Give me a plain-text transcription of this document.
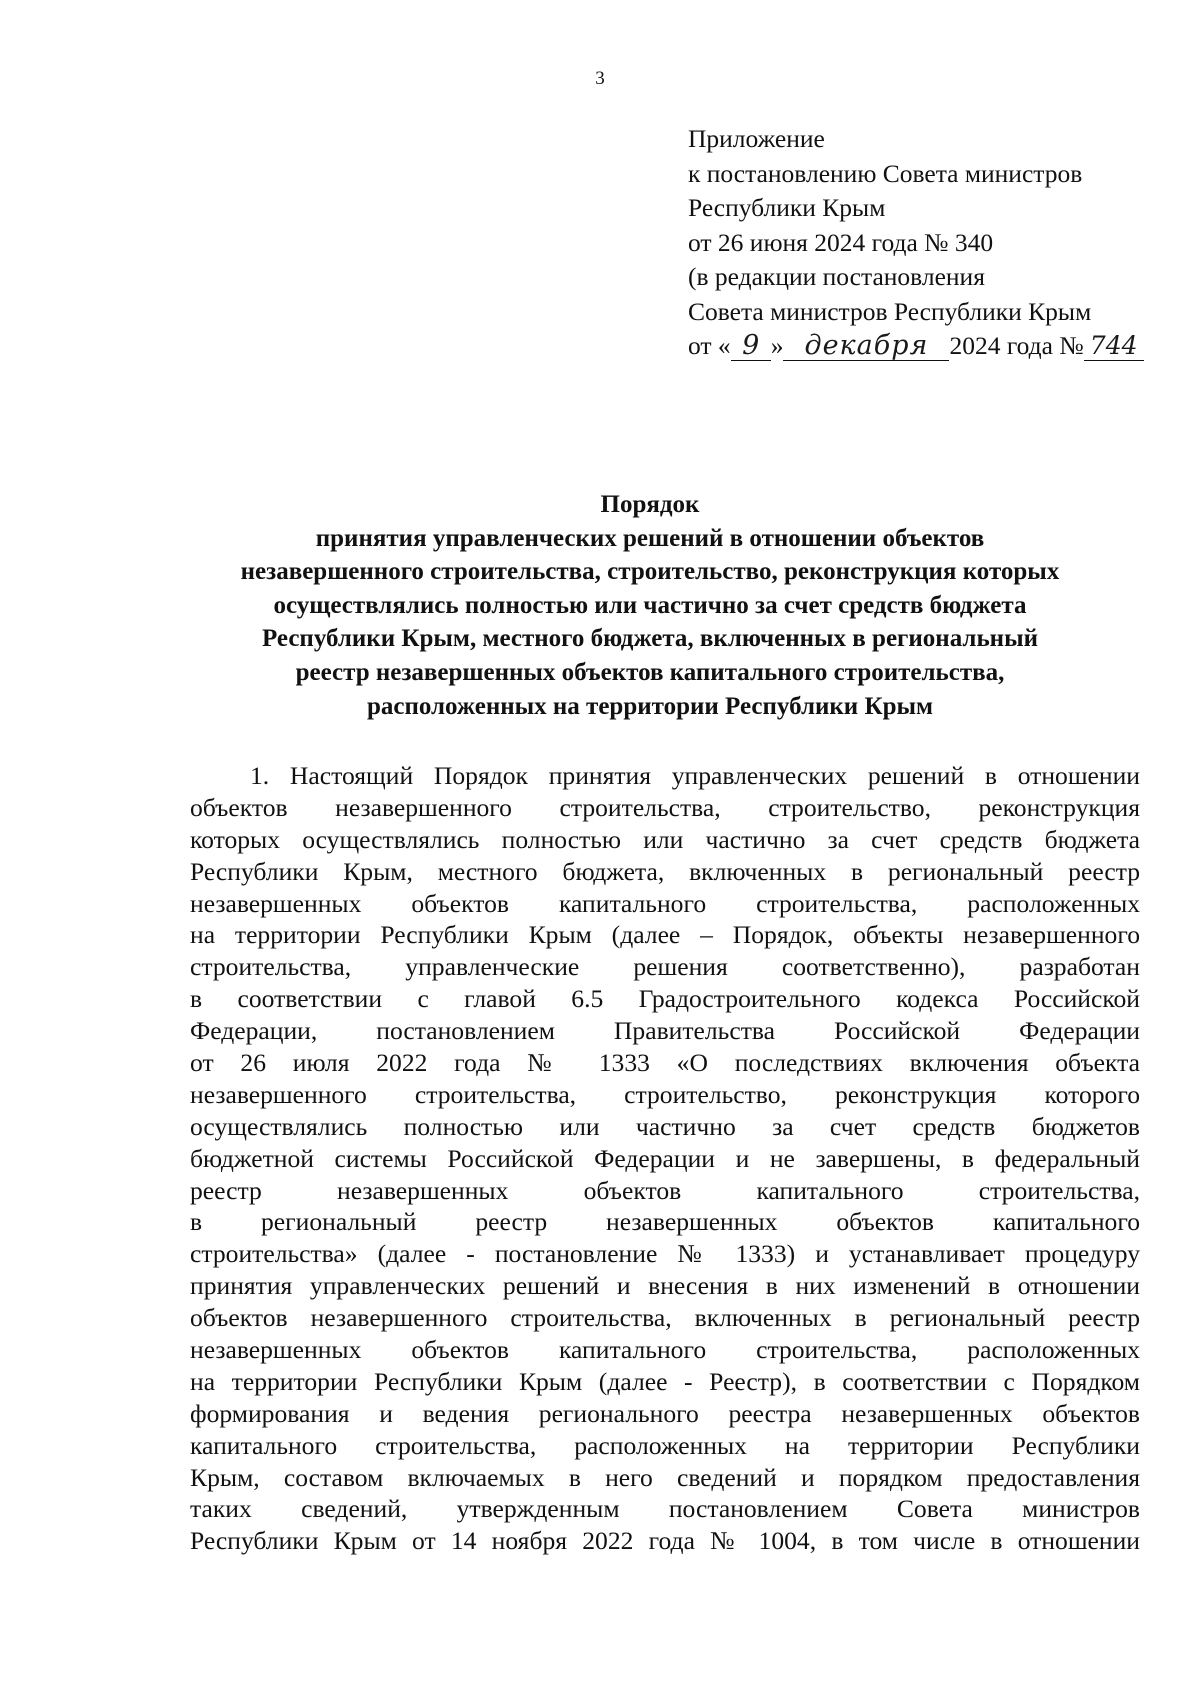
3
Приложение
к постановлению Совета министров
Республики Крым
от 26 июня 2024 года № 340
(в редакции постановления
Совета министров Республики Крым
от « 9 » декабря 2024 года № 744
Порядок
принятия управленческих решений в отношении объектов
незавершенного строительства, строительство, реконструкция которых
осуществлялись полностью или частично за счет средств бюджета
Республики Крым, местного бюджета, включенных в региональный
реестр незавершенных объектов капитального строительства,
расположенных на территории Республики Крым
1. Настоящий Порядок принятия управленческих решений в отношении
объектов незавершенного строительства, строительство, реконструкция
которых осуществлялись полностью или частично за счет средств бюджета
Республики Крым, местного бюджета, включенных в региональный реестр
незавершенных объектов капитального строительства, расположенных
на территории Республики Крым (далее – Порядок, объекты незавершенного
строительства, управленческие решения соответственно), разработан
в соответствии с главой 6.5 Градостроительного кодекса Российской
Федерации, постановлением Правительства Российской Федерации
от 26 июля 2022 года № 1333 «О последствиях включения объекта
незавершенного строительства, строительство, реконструкция которого
осуществлялись полностью или частично за счет средств бюджетов
бюджетной системы Российской Федерации и не завершены, в федеральный
реестр незавершенных объектов капитального строительства,
в региональный реестр незавершенных объектов капитального
строительства» (далее - постановление № 1333) и устанавливает процедуру
принятия управленческих решений и внесения в них изменений в отношении
объектов незавершенного строительства, включенных в региональный реестр
незавершенных объектов капитального строительства, расположенных
на территории Республики Крым (далее - Реестр), в соответствии с Порядком
формирования и ведения регионального реестра незавершенных объектов
капитального строительства, расположенных на территории Республики
Крым, составом включаемых в него сведений и порядком предоставления
таких сведений, утвержденным постановлением Совета министров
Республики Крым от 14 ноября 2022 года № 1004, в том числе в отношении
